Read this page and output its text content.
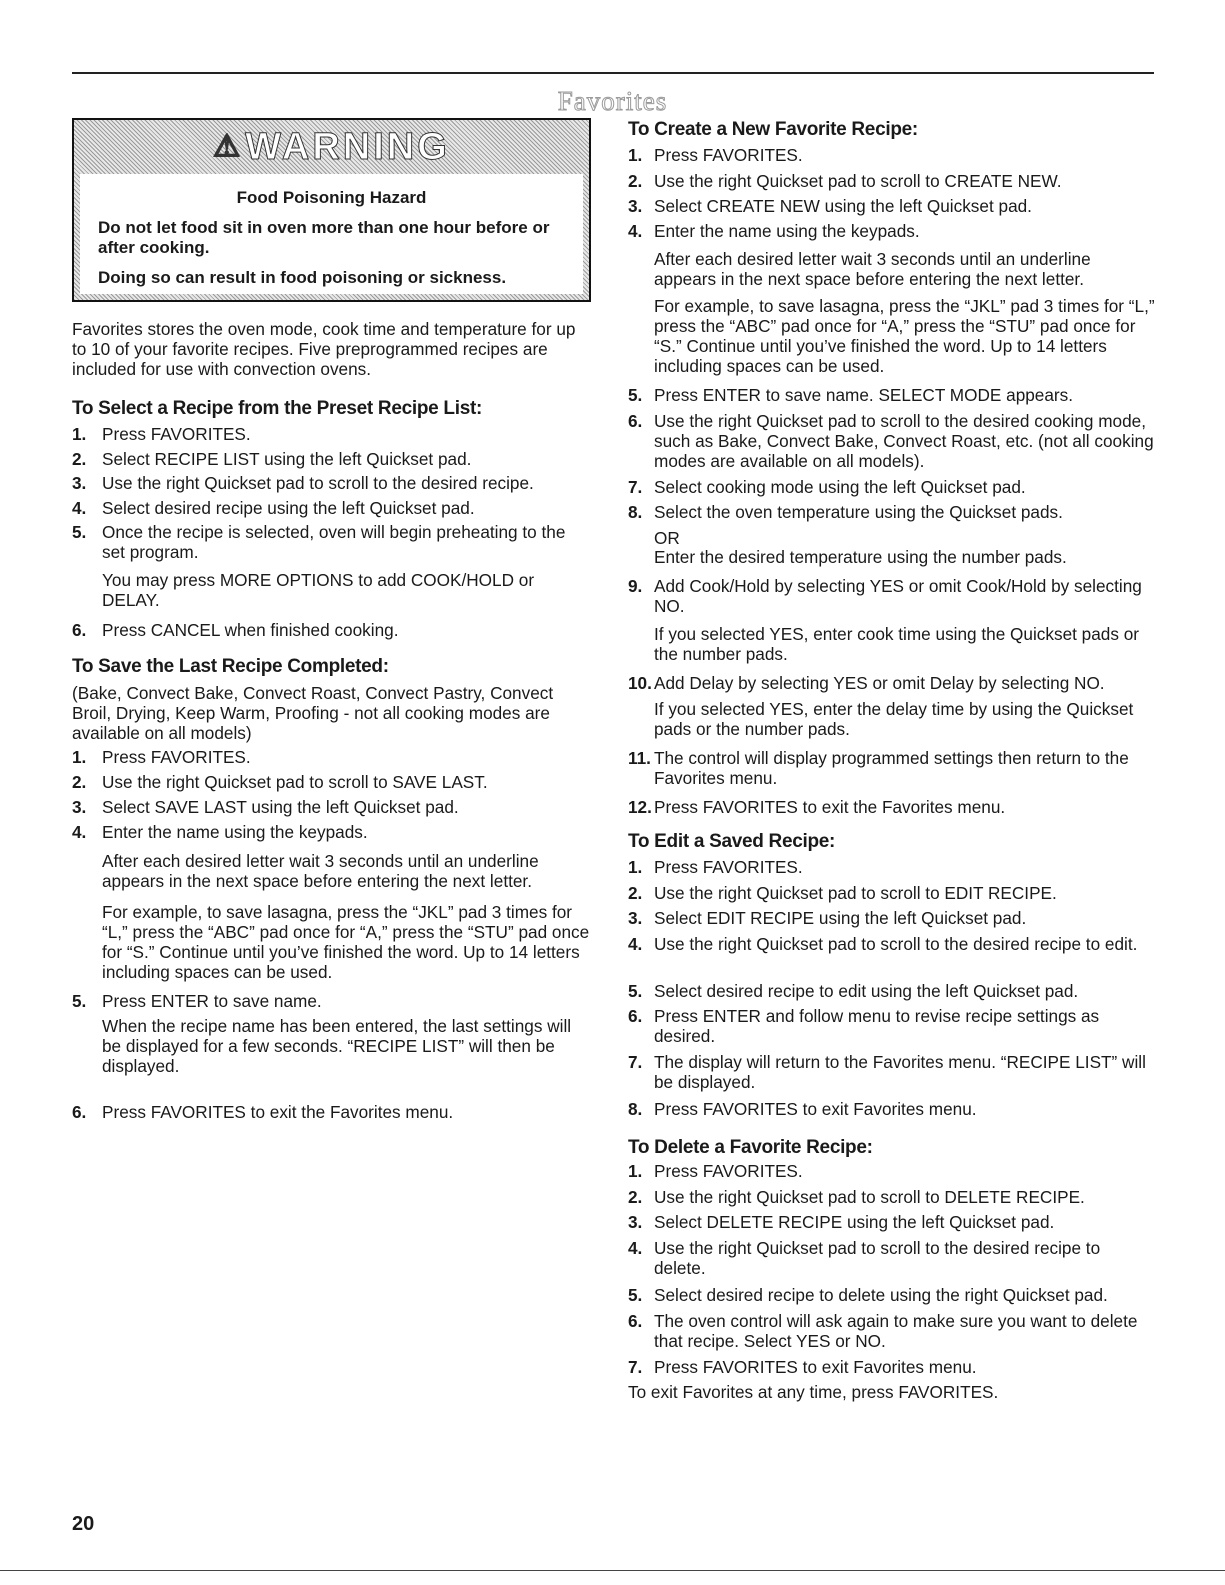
Favorites
⚠WARNING
Food Poisoning Hazard
Do not let food sit in oven more than one hour before or after cooking.
Doing so can result in food poisoning or sickness.

Favorites stores the oven mode, cook time and temperature for up to 10 of your favorite recipes. Five preprogrammed recipes are included for use with convection ovens.

To Select a Recipe from the Preset Recipe List:
1. Press FAVORITES.
2. Select RECIPE LIST using the left Quickset pad.
3. Use the right Quickset pad to scroll to the desired recipe.
4. Select desired recipe using the left Quickset pad.
5. Once the recipe is selected, oven will begin preheating to the set program.
You may press MORE OPTIONS to add COOK/HOLD or DELAY.
6. Press CANCEL when finished cooking.
To Save the Last Recipe Completed:

(Bake, Convect Bake, Convect Roast, Convect Pastry, Convect Broil, Drying, Keep Warm, Proofing - not all cooking modes are available on all models)

1. Press FAVORITES.
2. Use the right Quickset pad to scroll to SAVE LAST.
3. Select SAVE LAST using the left Quickset pad.
4. Enter the name using the keypads.
After each desired letter wait 3 seconds until an underline appears in the next space before entering the next letter.
For example, to save lasagna, press the “JKL” pad 3 times for “L,” press the “ABC” pad once for “A,” press the “STU” pad once for “S.” Continue until you’ve finished the word. Up to 14 letters including spaces can be used.
5. Press ENTER to save name.
When the recipe name has been entered, the last settings will be displayed for a few seconds. “RECIPE LIST” will then be displayed.
6. Press FAVORITES to exit the Favorites menu.
To Create a New Favorite Recipe:
1. Press FAVORITES.
2. Use the right Quickset pad to scroll to CREATE NEW.
3. Select CREATE NEW using the left Quickset pad.
4. Enter the name using the keypads.
After each desired letter wait 3 seconds until an underline appears in the next space before entering the next letter.
For example, to save lasagna, press the “JKL” pad 3 times for “L,” press the “ABC” pad once for “A,” press the “STU” pad once for “S.” Continue until you’ve finished the word. Up to 14 letters including spaces can be used.
5. Press ENTER to save name. SELECT MODE appears.
6. Use the right Quickset pad to scroll to the desired cooking mode, such as Bake, Convect Bake, Convect Roast, etc. (not all cooking modes are available on all models).
7. Select cooking mode using the left Quickset pad.
8. Select the oven temperature using the Quickset pads.
OR
Enter the desired temperature using the number pads.
9. Add Cook/Hold by selecting YES or omit Cook/Hold by selecting NO.
If you selected YES, enter cook time using the Quickset pads or the number pads.
10. Add Delay by selecting YES or omit Delay by selecting NO.
If you selected YES, enter the delay time by using the Quickset pads or the number pads.
11. The control will display programmed settings then return to the Favorites menu.
12. Press FAVORITES to exit the Favorites menu.
To Edit a Saved Recipe:
1. Press FAVORITES.
2. Use the right Quickset pad to scroll to EDIT RECIPE.
3. Select EDIT RECIPE using the left Quickset pad.
4. Use the right Quickset pad to scroll to the desired recipe to edit.
5. Select desired recipe to edit using the left Quickset pad.
6. Press ENTER and follow menu to revise recipe settings as desired.
7. The display will return to the Favorites menu. “RECIPE LIST” will be displayed.
8. Press FAVORITES to exit Favorites menu.
To Delete a Favorite Recipe:
1. Press FAVORITES.
2. Use the right Quickset pad to scroll to DELETE RECIPE.
3. Select DELETE RECIPE using the left Quickset pad.
4. Use the right Quickset pad to scroll to the desired recipe to delete.
5. Select desired recipe to delete using the right Quickset pad.
6. The oven control will ask again to make sure you want to delete that recipe. Select YES or NO.
7. Press FAVORITES to exit Favorites menu.

To exit Favorites at any time, press FAVORITES.

20
